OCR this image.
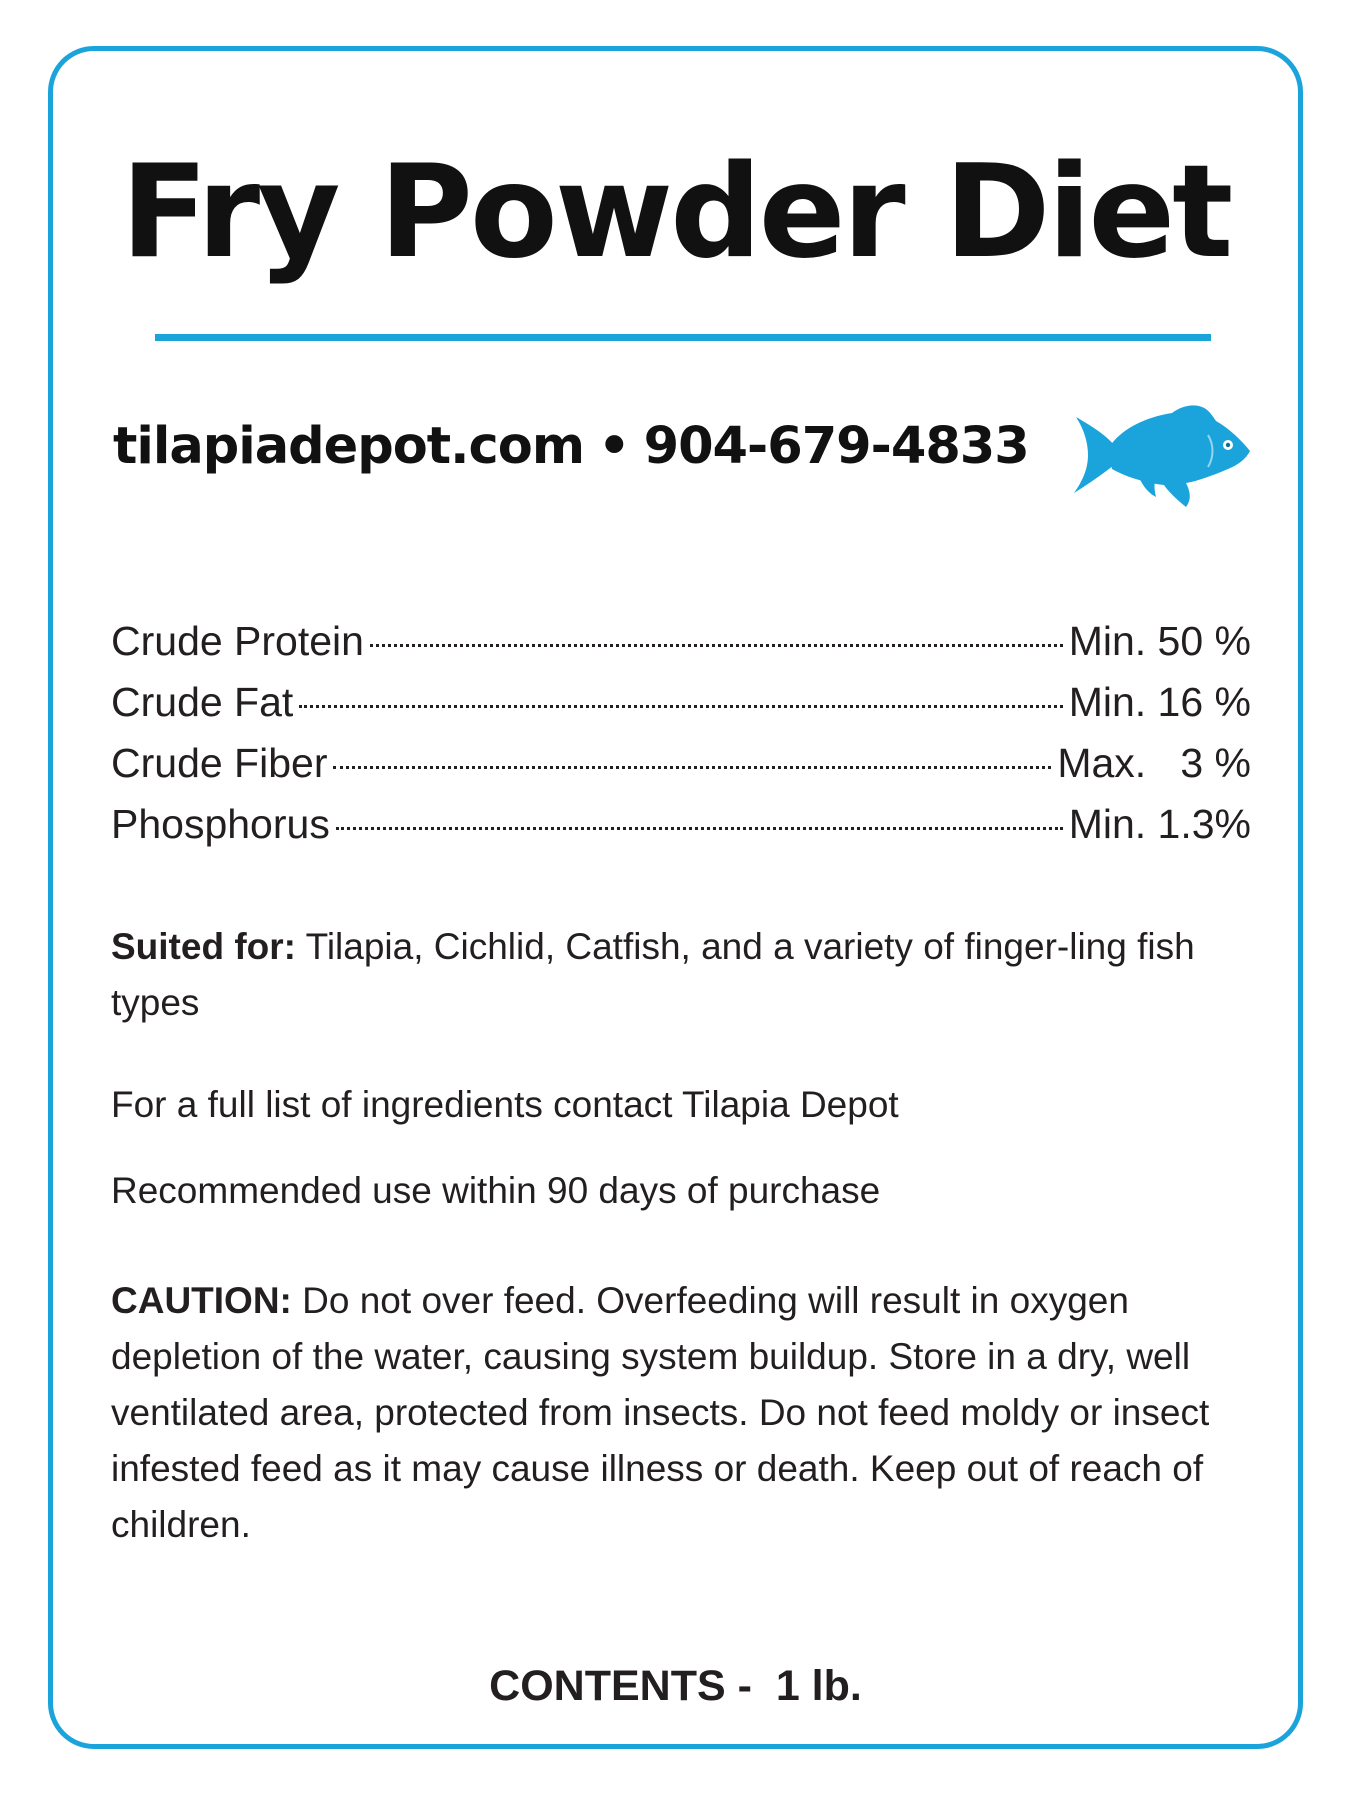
Fry Powder Diet
tilapiadepot.com • 904-679-4833
Crude Protein	Min. 50 %
Crude Fat	Min. 16 %
Crude Fiber	Max.   3 %
Phosphorus	Min. 1.3%
Suited for: Tilapia, Cichlid, Catfish, and a variety of finger-ling fish types
For a full list of ingredients contact Tilapia Depot
Recommended use within 90 days of purchase
CAUTION: Do not over feed. Overfeeding will result in oxygen depletion of the water, causing system buildup. Store in a dry, well ventilated area, protected from insects. Do not feed moldy or insect infested feed as it may cause illness or death. Keep out of reach of children.
CONTENTS -  1 lb.
